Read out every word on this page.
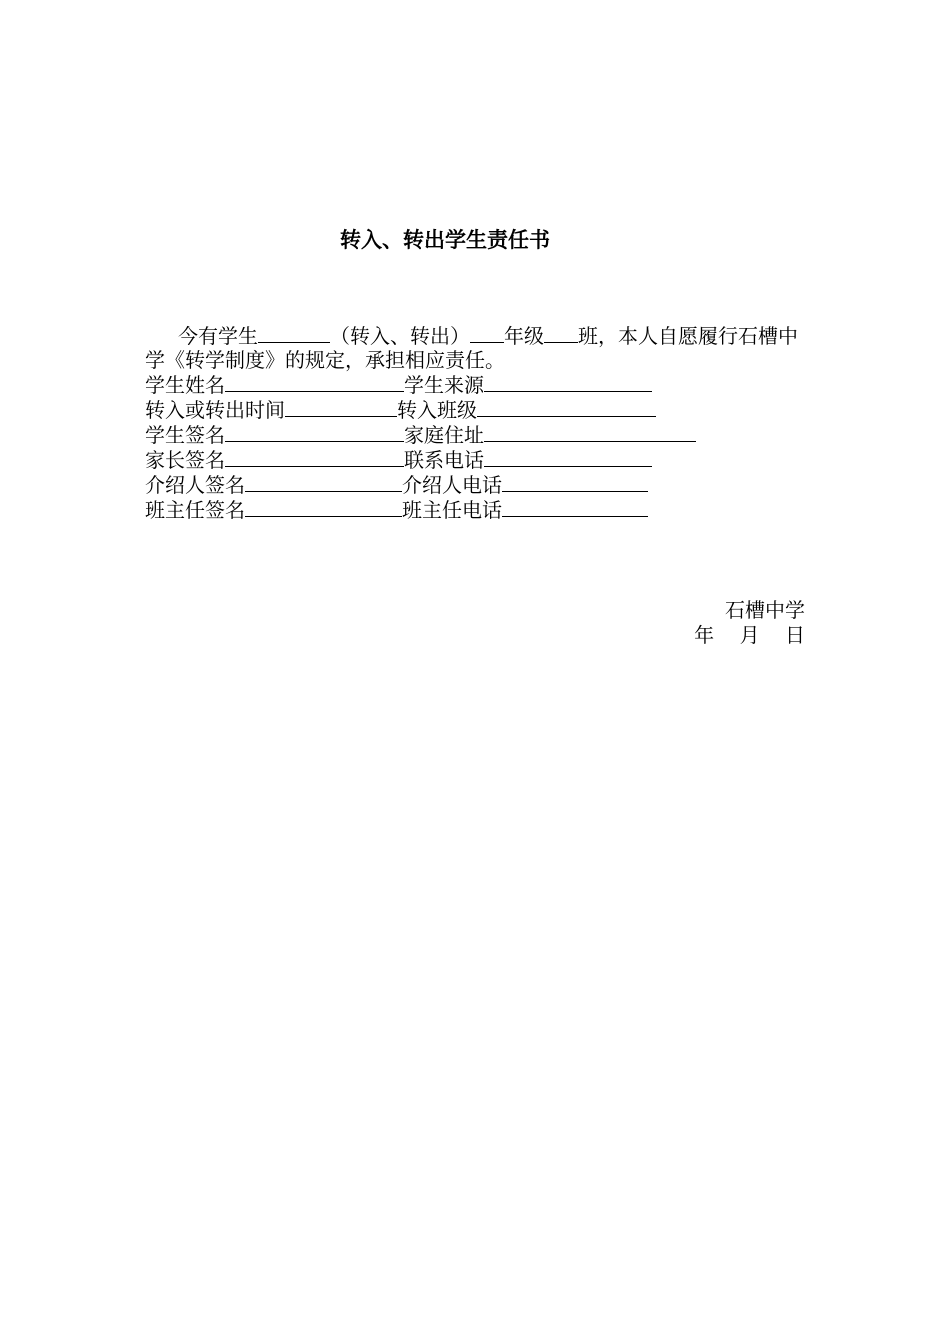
转入、转出学生责任书

今有学生	（转入、转出） 年级 班，本人自愿履行石槽中学《转学制度》的规定，承担相应责任。

学生姓名	学生来源
转入或转出时间	转入班级
学生签名	家庭住址
家长签名	联系电话
介绍人签名	介绍人电话
班主任签名	班主任电话
石槽中学
年 月 日
